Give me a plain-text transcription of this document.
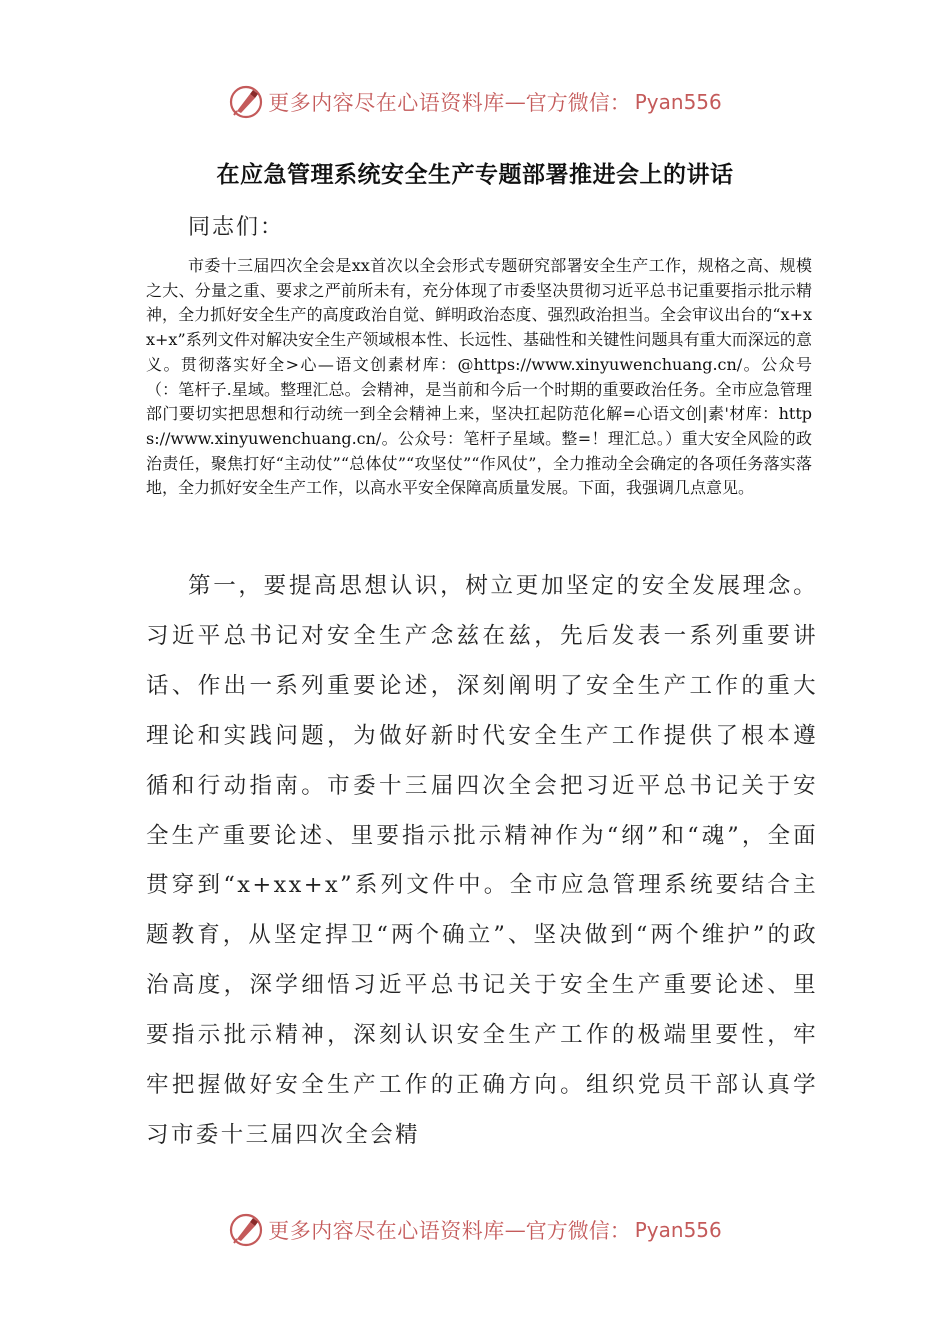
更多内容尽在心语资料库 — 官方微信： Pyan556
在应急管理系统安全生产专题部署推进会上的讲话
同志们：

市委十三届四次全会是xx首次以全会形式专题研究部署安全生产工作，规格之高、规模之大、分量之重、要求之严前所未有，充分体现了市委坚决贯彻习近平总书记重要指示批示精神，全力抓好安全生产的高度政治自觉、鲜明政治态度、强烈政治担当。全会审议出台的“x+xx+x”系列文件对解决安全生产领域根本性、长远性、基础性和关键性问题具有重大而深远的意义。贯彻落实好全>心—语文创素材库：@https://www.xinyuwenchuang.cn/。公众号（：笔杆子.星域。整理汇总。会精神，是当前和今后一个时期的重要政治任务。全市应急管理部门要切实把思想和行动统一到全会精神上来，坚决扛起防范化解=心语文创|素'材库：https://www.xinyuwenchuang.cn/。公众号：笔杆子星域。整=！理汇总。）重大安全风险的政治责任，聚焦打好“主动仗”“总体仗”“攻坚仗”“作风仗”，全力推动全会确定的各项任务落实落地，全力抓好安全生产工作，以高水平安全保障高质量发展。下面，我强调几点意见。

第一，要提高思想认识，树立更加坚定的安全发展理念。习近平总书记对安全生产念兹在兹，先后发表一系列重要讲话、作出一系列重要论述，深刻阐明了安全生产工作的重大理论和实践问题，为做好新时代安全生产工作提供了根本遵循和行动指南。市委十三届四次全会把习近平总书记关于安全生产重要论述、里要指示批示精神作为“纲”和“魂”，全面贯穿到“x+xx+x”系列文件中。全市应急管理系统要结合主题教育，从坚定捍卫“两个确立”、坚决做到“两个维护”的政治高度，深学细悟习近平总书记关于安全生产重要论述、里要指示批示精神，深刻认识安全生产工作的极端里要性，牢牢把握做好安全生产工作的正确方向。组织党员干部认真学习市委十三届四次全会精

更多内容尽在心语资料库 — 官方微信： Pyan556
